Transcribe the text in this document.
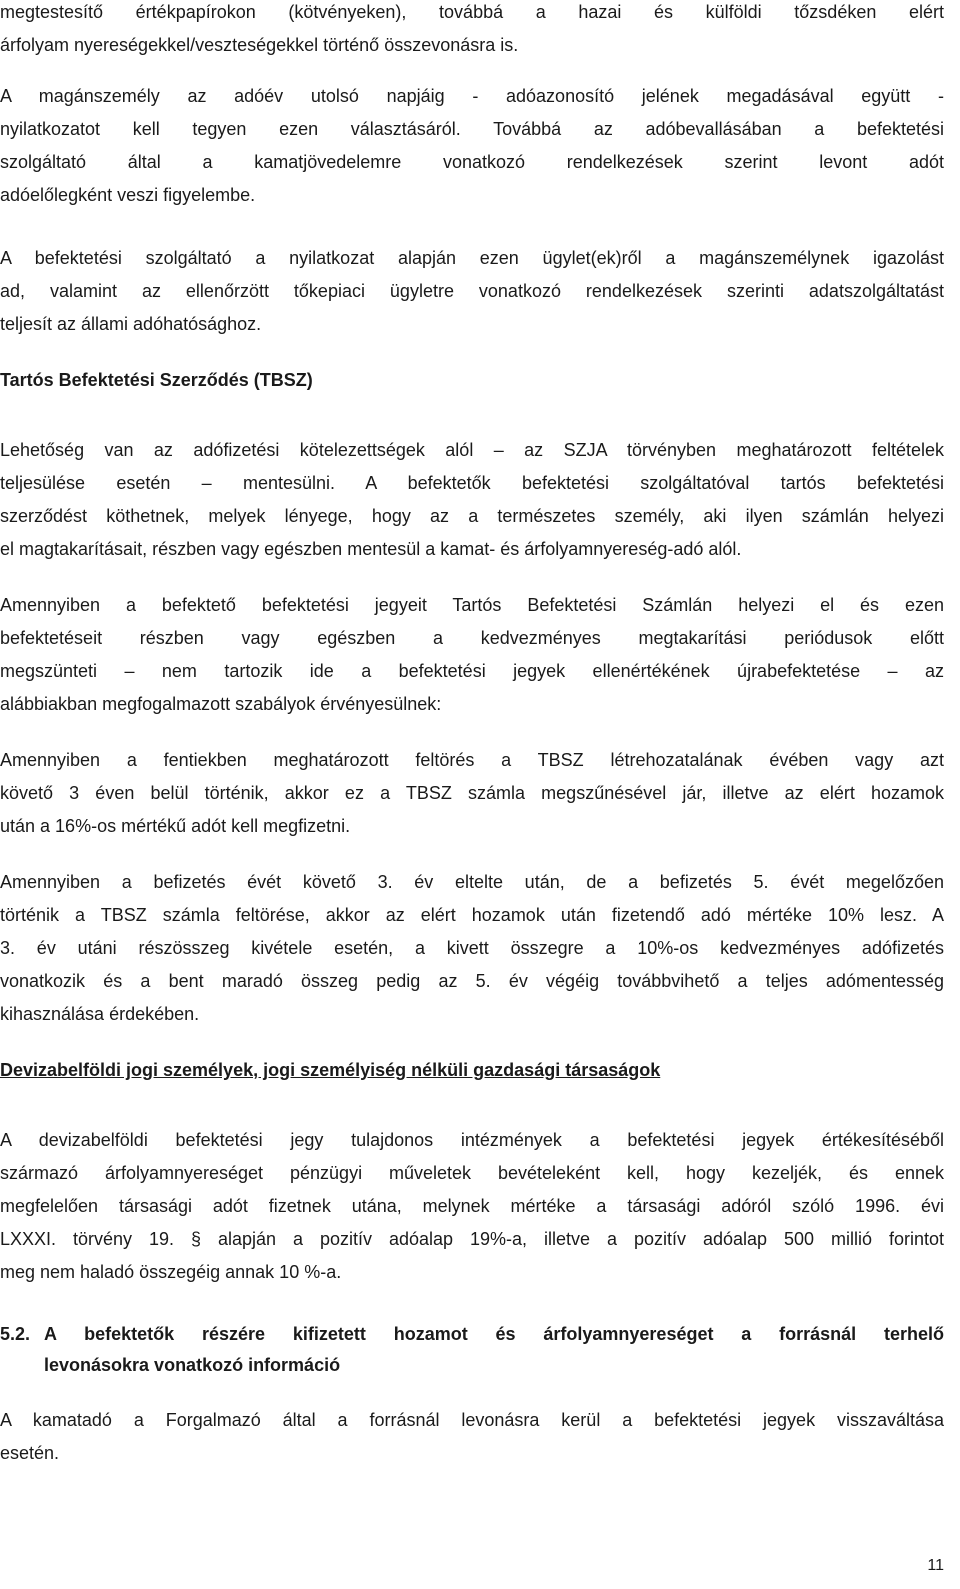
megtestesítő értékpapírokon (kötvényeken), továbbá a hazai és külföldi tőzsdéken elért
árfolyam nyereségekkel/veszteségekkel történő összevonásra is.
A magánszemély az adóév utolsó napjáig - adóazonosító jelének megadásával együtt -
nyilatkozatot kell tegyen ezen választásáról. Továbbá az adóbevallásában a befektetési
szolgáltató által a kamatjövedelemre vonatkozó rendelkezések szerint levont adót
adóelőlegként veszi figyelembe.
A befektetési szolgáltató a nyilatkozat alapján ezen ügylet(ek)ről a magánszemélynek igazolást
ad, valamint az ellenőrzött tőkepiaci ügyletre vonatkozó rendelkezések szerinti adatszolgáltatást
teljesít az állami adóhatósághoz.
Tartós Befektetési Szerződés (TBSZ)
Lehetőség van az adófizetési kötelezettségek alól – az SZJA törvényben meghatározott feltételek
teljesülése esetén – mentesülni. A befektetők befektetési szolgáltatóval tartós befektetési
szerződést köthetnek, melyek lényege, hogy az a természetes személy, aki ilyen számlán helyezi
el magtakarításait, részben vagy egészben mentesül a kamat- és árfolyamnyereség-adó alól.
Amennyiben a befektető befektetési jegyeit Tartós Befektetési Számlán helyezi el és ezen
befektetéseit részben vagy egészben a kedvezményes megtakarítási periódusok előtt
megszünteti – nem tartozik ide a befektetési jegyek ellenértékének újrabefektetése – az
alábbiakban megfogalmazott szabályok érvényesülnek:
Amennyiben a fentiekben meghatározott feltörés a TBSZ létrehozatalának évében vagy azt
követő 3 éven belül történik, akkor ez a TBSZ számla megszűnésével jár, illetve az elért hozamok
után a 16%-os mértékű adót kell megfizetni.
Amennyiben a befizetés évét követő 3. év eltelte után, de a befizetés 5. évét megelőzően
történik a TBSZ számla feltörése, akkor az elért hozamok után fizetendő adó mértéke 10% lesz. A
3. év utáni részösszeg kivétele esetén, a kivett összegre a 10%-os kedvezményes adófizetés
vonatkozik és a bent maradó összeg pedig az 5. év végéig továbbvihető a teljes adómentesség
kihasználása érdekében.
Devizabelföldi jogi személyek, jogi személyiség nélküli gazdasági társaságok
A devizabelföldi befektetési jegy tulajdonos intézmények a befektetési jegyek értékesítéséből
származó árfolyamnyereséget pénzügyi műveletek bevételeként kell, hogy kezeljék, és ennek
megfelelően társasági adót fizetnek utána, melynek mértéke a társasági adóról szóló 1996. évi
LXXXI. törvény 19. § alapján a pozitív adóalap 19%-a, illetve a pozitív adóalap 500 millió forintot
meg nem haladó összegéig annak 10 %-a.
5.2. A befektetők részére kifizetett hozamot és árfolyamnyereséget a forrásnál terhelő
levonásokra vonatkozó információ
A kamatadó a Forgalmazó által a forrásnál levonásra kerül a befektetési jegyek visszaváltása
esetén.
11
